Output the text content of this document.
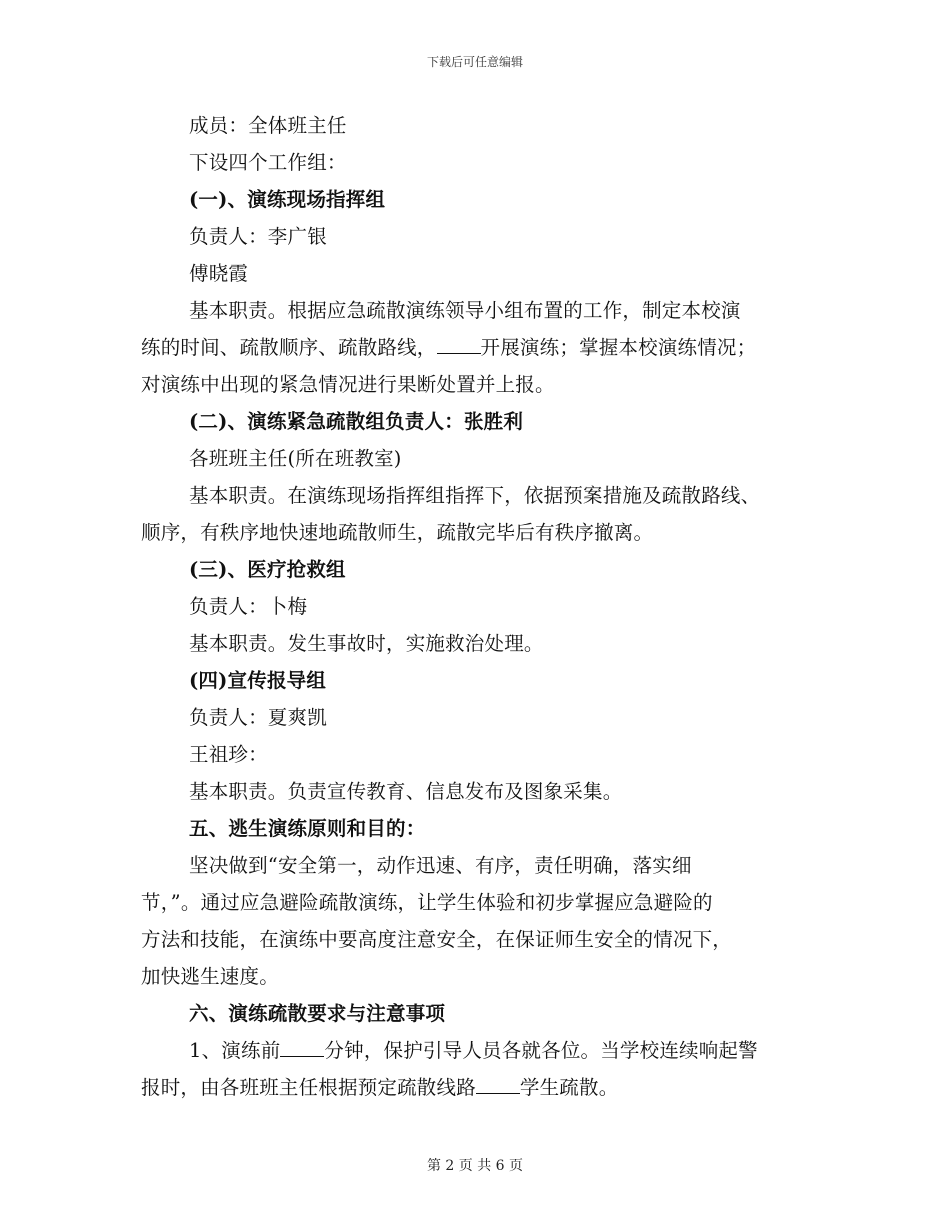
下载后可任意编辑
成员：全体班主任
下设四个工作组：
(一)、演练现场指挥组
负责人：李广银
傅晓霞
基本职责。根据应急疏散演练领导小组布置的工作，制定本校演
练的时间、疏散顺序、疏散路线， 开展演练；掌握本校演练情况；
对演练中出现的紧急情况进行果断处置并上报。
(二)、演练紧急疏散组负责人：张胜利
各班班主任(所在班教室)
基本职责。在演练现场指挥组指挥下，依据预案措施及疏散路线、
顺序，有秩序地快速地疏散师生，疏散完毕后有秩序撤离。
(三)、医疗抢救组
负责人：卜梅
基本职责。发生事故时，实施救治处理。
(四)宣传报导组
负责人：夏爽凯
王祖珍：
基本职责。负责宣传教育、信息发布及图象采集。
五、逃生演练原则和目的：
坚决做到“安全第一，动作迅速、有序，责任明确，落实细
节，”。通过应急避险疏散演练，让学生体验和初步掌握应急避险的
方法和技能，在演练中要高度注意安全，在保证师生安全的情况下，
加快逃生速度。
六、演练疏散要求与注意事项
1、演练前 分钟，保护引导人员各就各位。当学校连续响起警
报时，由各班班主任根据预定疏散线路 学生疏散。
第 2 页 共 6 页
